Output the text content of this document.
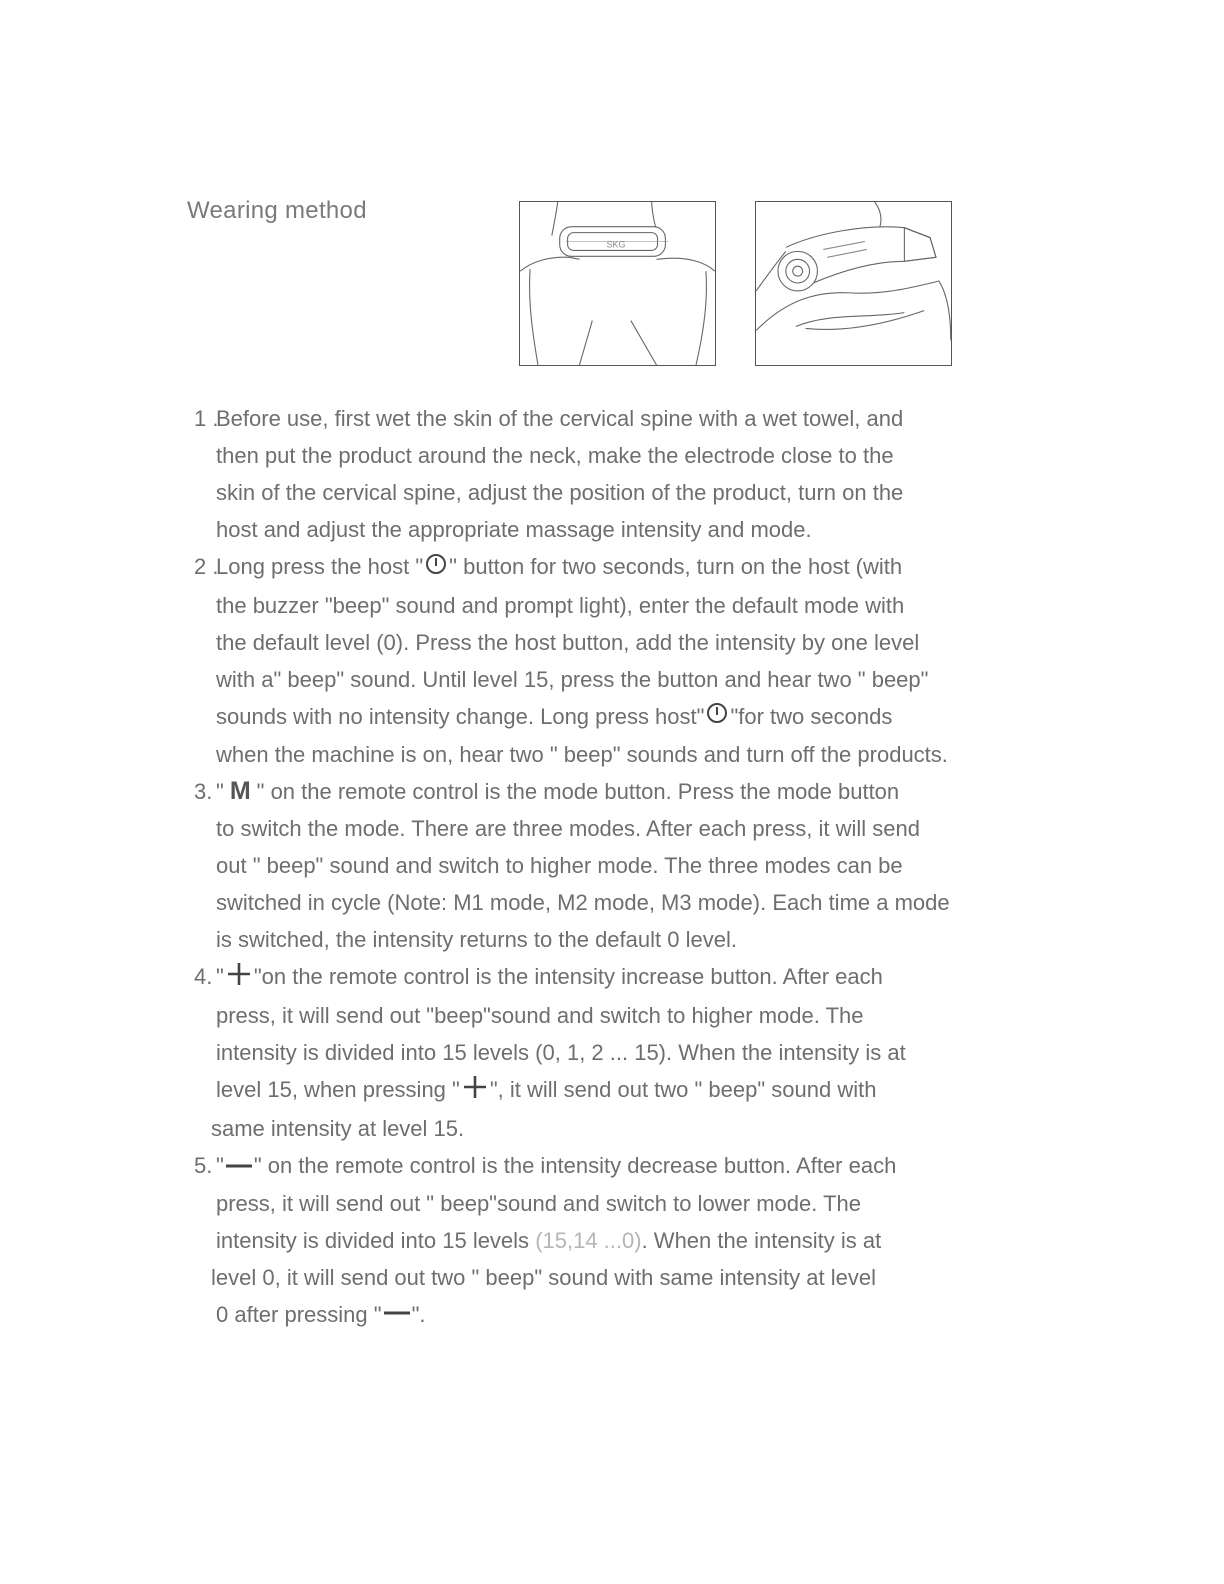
Wearing method
SKG
1 .
Before use, first wet the skin of the cervical spine with a wet towel, and
then put the product around the neck, make the electrode close to the
skin of the cervical spine, adjust the position of the product, turn on the
host and adjust the appropriate massage intensity and mode.
2 .
Long press the host " " button for two seconds, turn on the host (with
the buzzer "beep" sound and prompt light), enter the default mode with
the default level (0). Press the host button, add the intensity by one level
with a" beep" sound. Until level 15, press the button and hear two " beep"
sounds with no intensity change. Long press host" "for two seconds
when the machine is on, hear two " beep" sounds and turn off the products.
3. " M " on the remote control is the mode button. Press the mode button
to switch the mode. There are three modes. After each press, it will send
out " beep" sound and switch to higher mode. The three modes can be
switched in cycle (Note: M1 mode, M2 mode, M3 mode). Each time a mode
is switched, the intensity returns to the default 0 level.
4. " "on the remote control is the intensity increase button. After each
press, it will send out "beep"sound and switch to higher mode. The
intensity is divided into 15 levels (0, 1, 2 ... 15). When the intensity is at
level 15, when pressing " ", it will send out two " beep" sound with
same intensity at level 15.
5. " " on the remote control is the intensity decrease button. After each
press, it will send out " beep"sound and switch to lower mode. The
intensity is divided into 15 levels (15,14 ...0). When the intensity is at
level 0, it will send out two " beep" sound with same intensity at level
0 after pressing " ".
